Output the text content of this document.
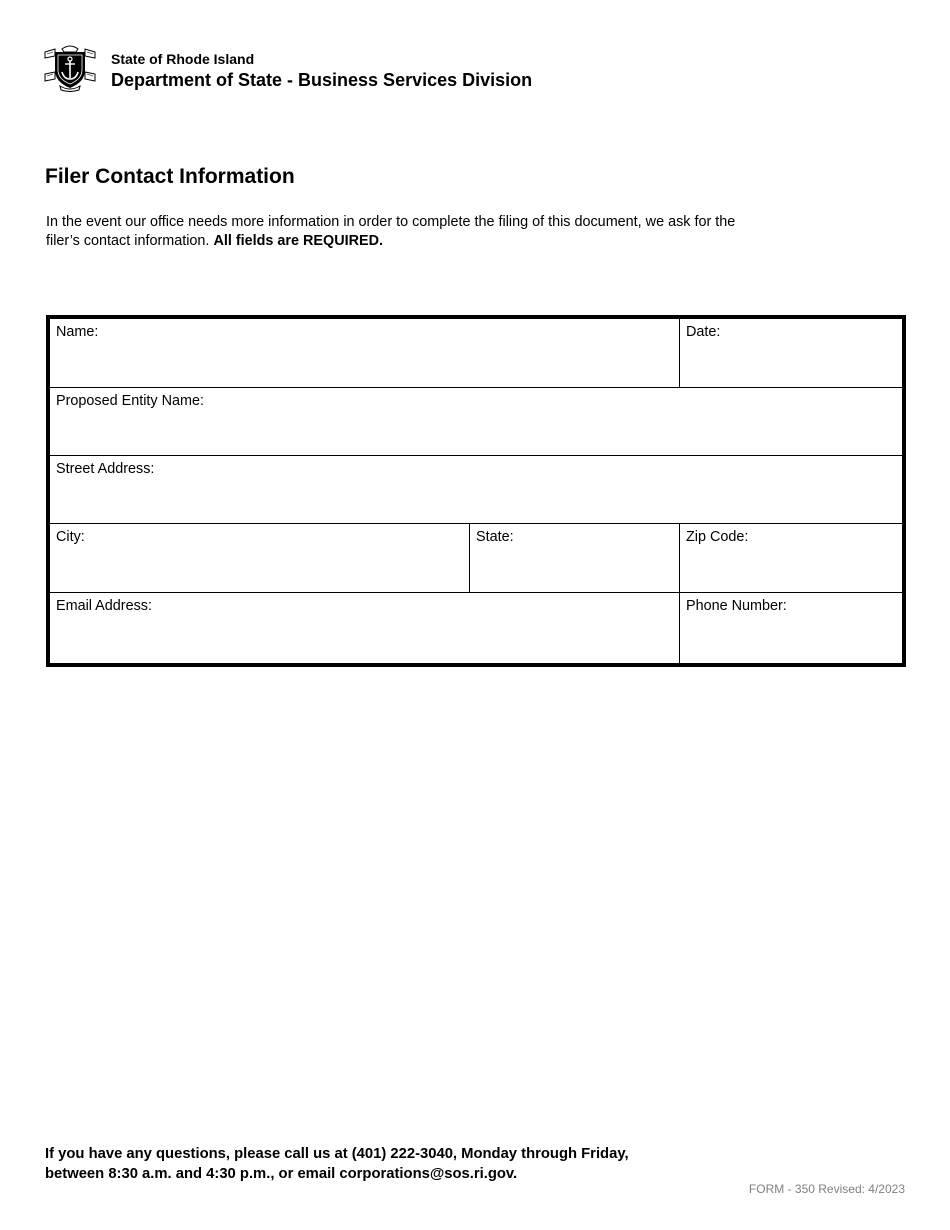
State of Rhode Island
Department of State - Business Services Division
Filer Contact Information
In the event our office needs more information in order to complete the filing of this document, we ask for the
filer’s contact information. All fields are REQUIRED.
Name:	Date:
Proposed Entity Name:
Street Address:
City:	State:	Zip Code:
Email Address:	Phone Number:
If you have any questions, please call us at (401) 222-3040, Monday through Friday,
between 8:30 a.m. and 4:30 p.m., or email corporations@sos.ri.gov.
FORM - 350 Revised: 4/2023
